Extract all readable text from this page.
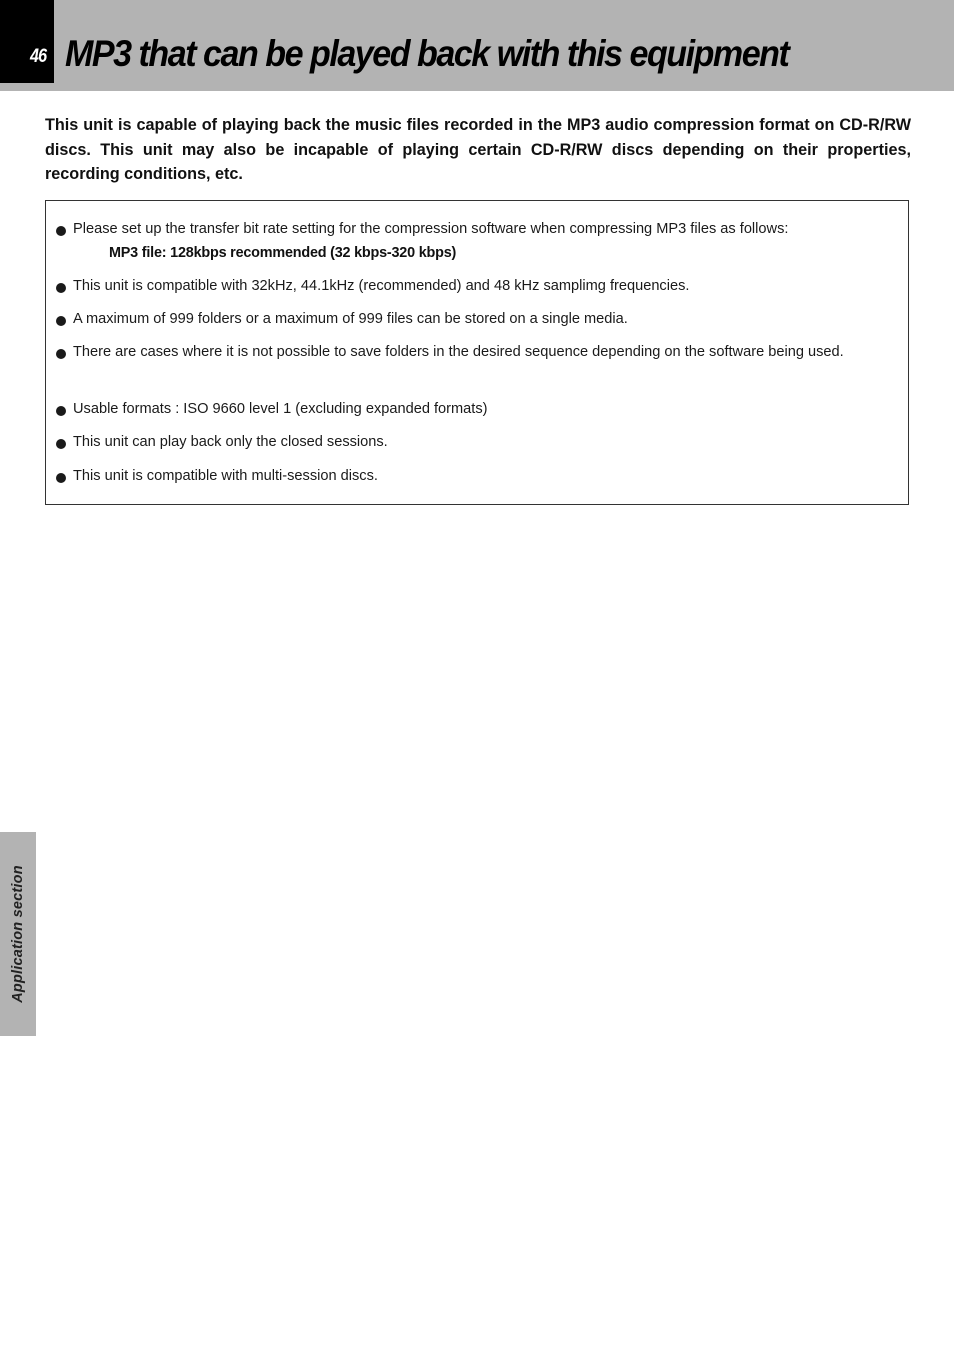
46 MP3 that can be played back with this equipment

This unit is capable of playing back the music files recorded in the MP3 audio compression format on CD-R/RW discs. This unit may also be incapable of playing certain CD-R/RW discs depending on their properties, recording conditions, etc.

Please set up the transfer bit rate setting for the compression software when compressing MP3 files as follows:
MP3 file: 128kbps recommended (32 kbps-320 kbps)
This unit is compatible with 32kHz, 44.1kHz (recommended) and 48 kHz samplimg frequencies.
A maximum of 999 folders or a maximum of 999 files can be stored on a single media.
There are cases where it is not possible to save folders in the desired sequence depending on the software being used.
Usable formats : ISO 9660 level 1 (excluding expanded formats)
This unit can play back only the closed sessions.
This unit is compatible with multi-session discs.
Application section
